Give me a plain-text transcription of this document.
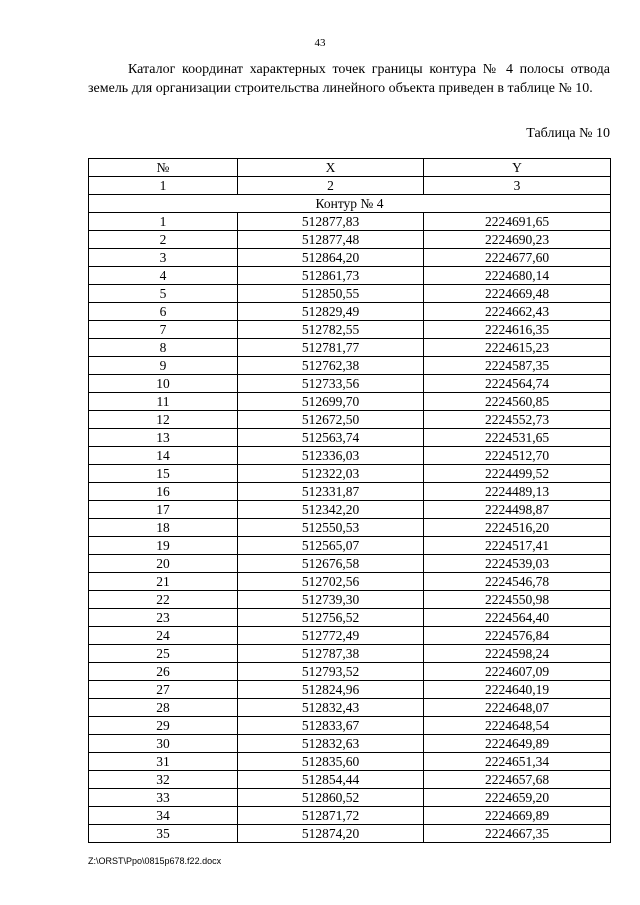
43

Каталог координат характерных точек границы контура № 4 полосы отвода земель для организации строительства линейного объекта приведен в таблице № 10.

Таблица № 10
№	X	Y
1	2	3
Контур № 4		
1	512877,83	2224691,65
2	512877,48	2224690,23
3	512864,20	2224677,60
4	512861,73	2224680,14
5	512850,55	2224669,48
6	512829,49	2224662,43
7	512782,55	2224616,35
8	512781,77	2224615,23
9	512762,38	2224587,35
10	512733,56	2224564,74
11	512699,70	2224560,85
12	512672,50	2224552,73
13	512563,74	2224531,65
14	512336,03	2224512,70
15	512322,03	2224499,52
16	512331,87	2224489,13
17	512342,20	2224498,87
18	512550,53	2224516,20
19	512565,07	2224517,41
20	512676,58	2224539,03
21	512702,56	2224546,78
22	512739,30	2224550,98
23	512756,52	2224564,40
24	512772,49	2224576,84
25	512787,38	2224598,24
26	512793,52	2224607,09
27	512824,96	2224640,19
28	512832,43	2224648,07
29	512833,67	2224648,54
30	512832,63	2224649,89
31	512835,60	2224651,34
32	512854,44	2224657,68
33	512860,52	2224659,20
34	512871,72	2224669,89
35	512874,20	2224667,35
Z:\ORST\Ppo\0815p678.f22.docx
